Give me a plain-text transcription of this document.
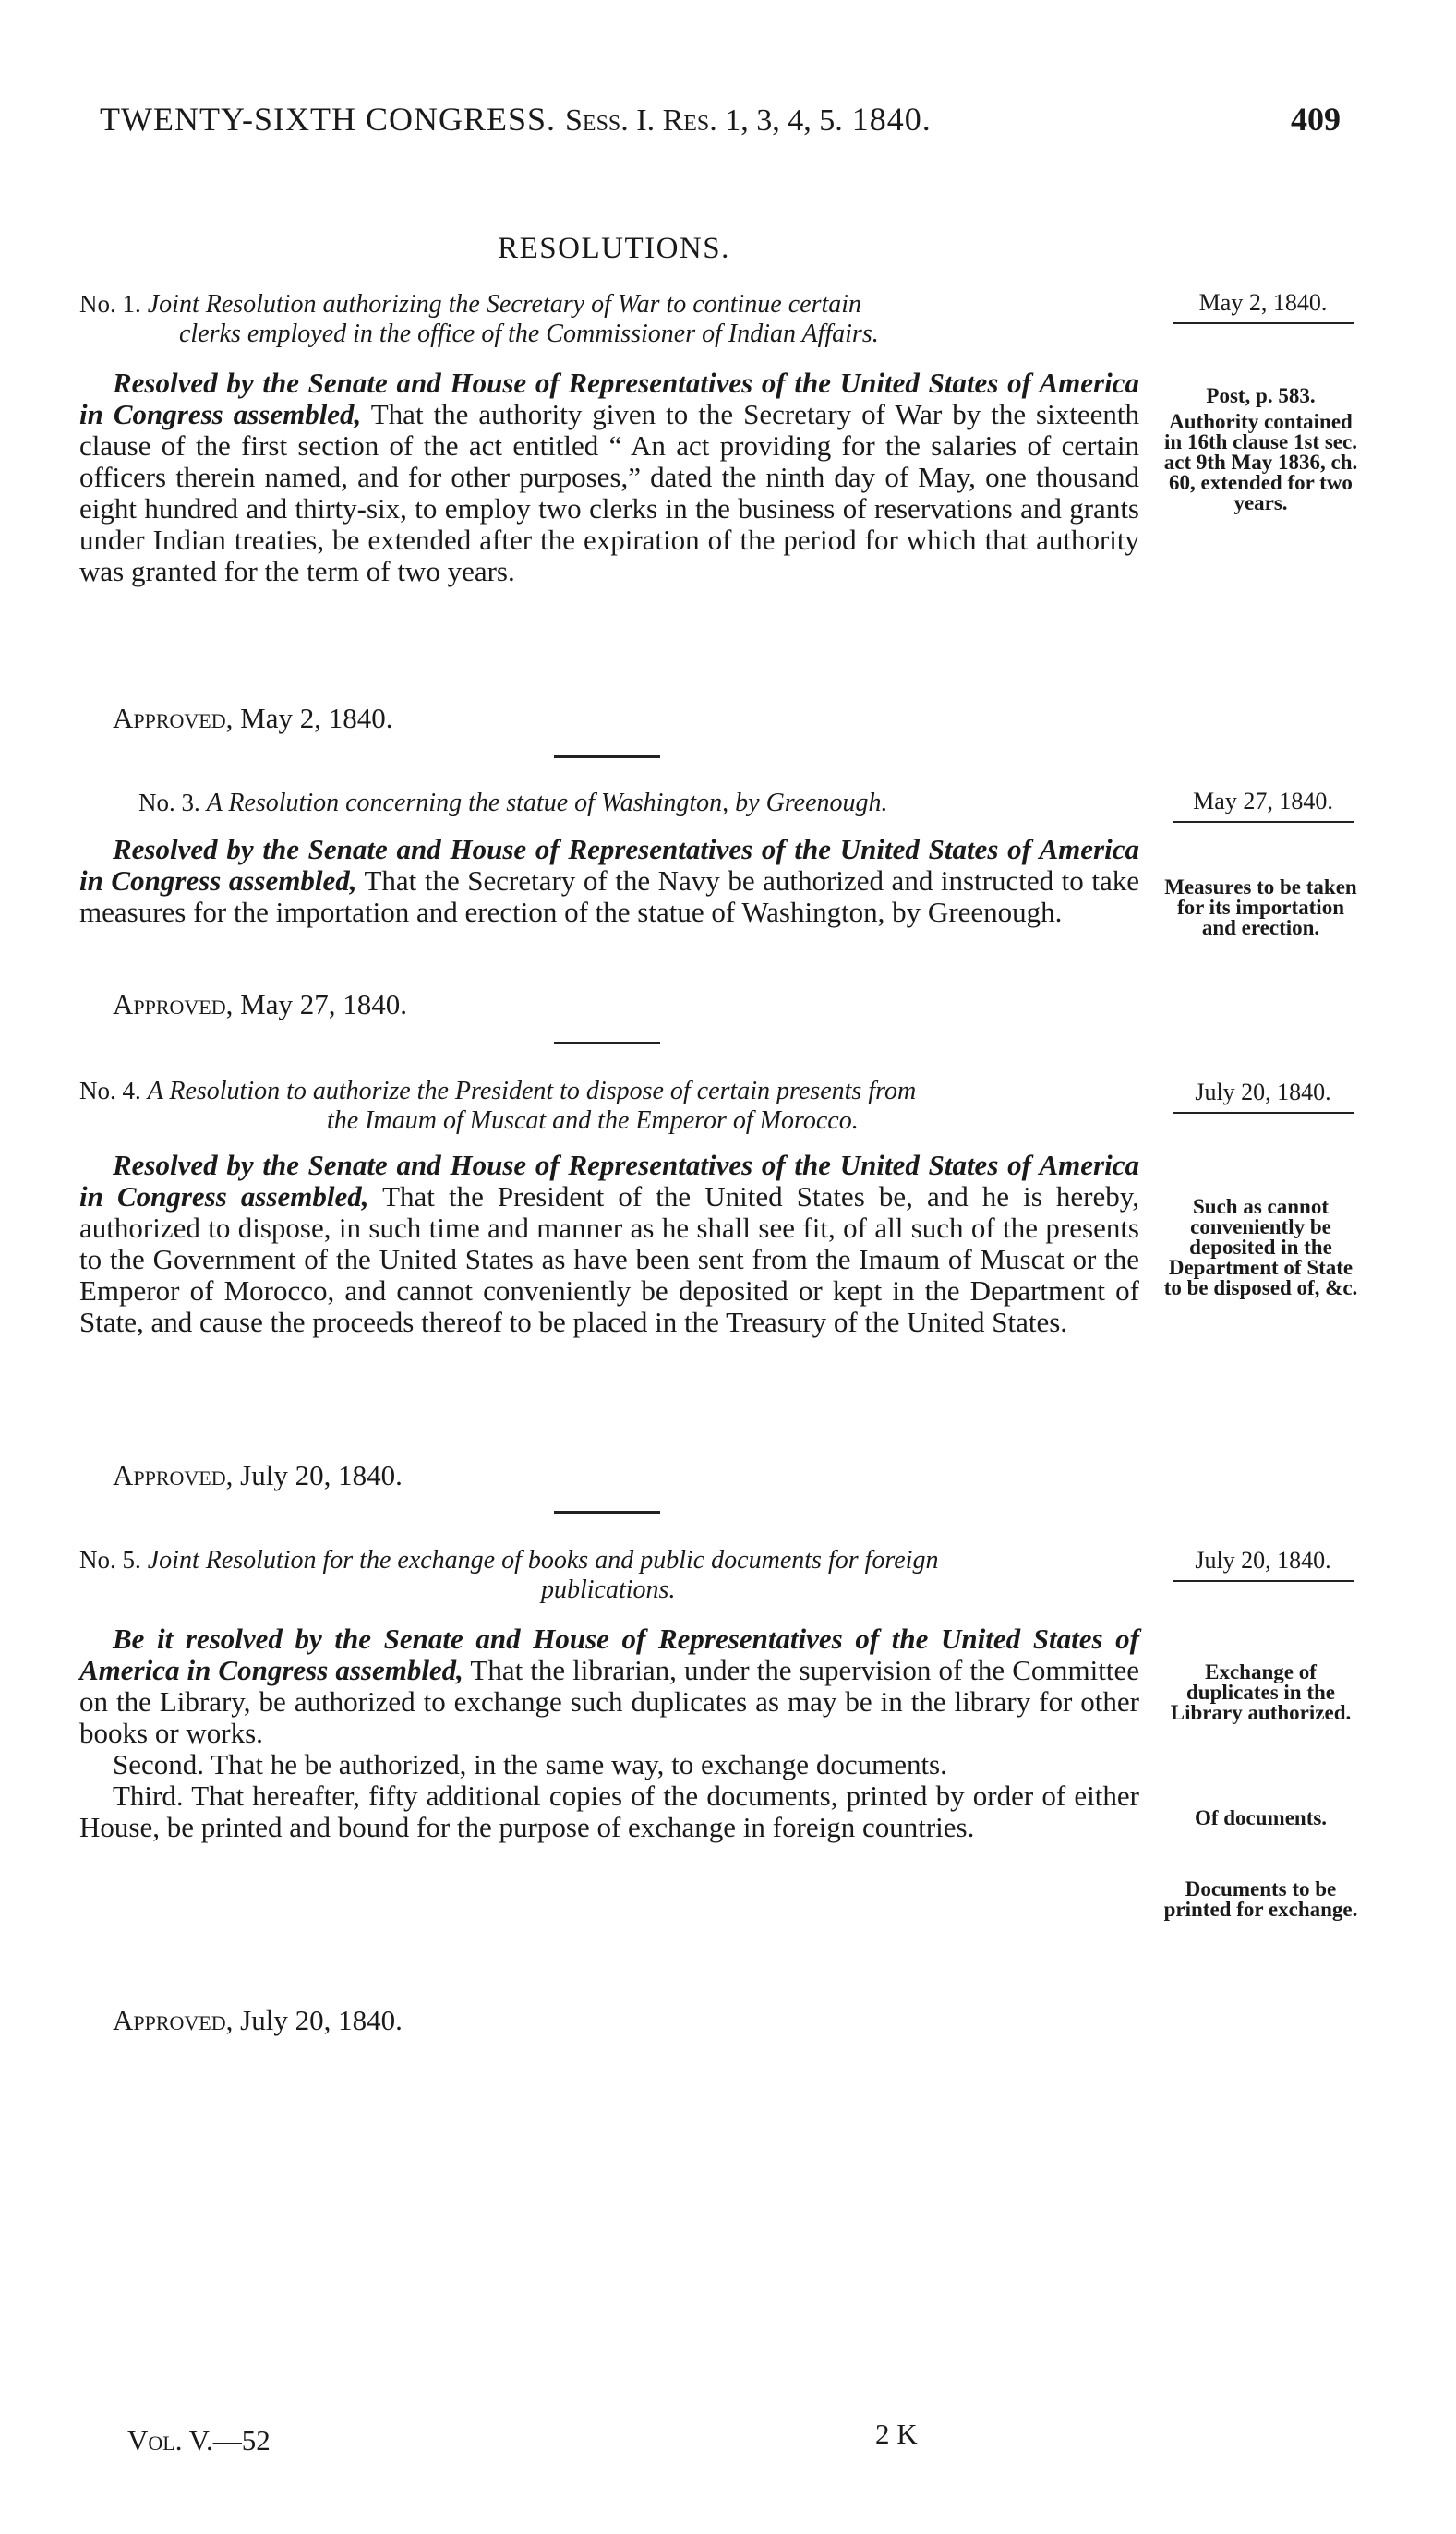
TWENTY-SIXTH CONGRESS. Sess. I. Res. 1, 3, 4, 5. 1840.	409
RESOLUTIONS.
No. 1. Joint Resolution authorizing the Secretary of War to continue certain
clerks employed in the office of the Commissioner of Indian Affairs.
May 2, 1840.

Resolved by the Senate and House of Representatives of the United States of America in Congress assembled, That the authority given to the Secretary of War by the sixteenth clause of the first section of the act entitled “ An act providing for the salaries of certain officers therein named, and for other purposes,” dated the ninth day of May, one thousand eight hundred and thirty-six, to employ two clerks in the business of reservations and grants under Indian treaties, be extended after the expiration of the period for which that authority was granted for the term of two years.

Approved, May 2, 1840.
Post, p. 583.
Authority contained in 16th clause 1st sec. act 9th May 1836, ch. 60, extended for two years.
No. 3. A Resolution concerning the statue of Washington, by Greenough.	May 27, 1840.

Resolved by the Senate and House of Representatives of the United States of America in Congress assembled, That the Secretary of the Navy be authorized and instructed to take measures for the importation and erection of the statue of Washington, by Greenough.

Approved, May 27, 1840.
Measures to be taken for its importation and erection.
No. 4. A Resolution to authorize the President to dispose of certain presents from
the Imaum of Muscat and the Emperor of Morocco.
July 20, 1840.

Resolved by the Senate and House of Representatives of the United States of America in Congress assembled, That the President of the United States be, and he is hereby, authorized to dispose, in such time and manner as he shall see fit, of all such of the presents to the Government of the United States as have been sent from the Imaum of Muscat or the Emperor of Morocco, and cannot conveniently be deposited or kept in the Department of State, and cause the proceeds thereof to be placed in the Treasury of the United States.

Approved, July 20, 1840.
Such as cannot conveniently be deposited in the Department of State to be disposed of, &c.
No. 5. Joint Resolution for the exchange of books and public documents for foreign
publications.
July 20, 1840.

Be it resolved by the Senate and House of Representatives of the United States of America in Congress assembled, That the librarian, under the supervision of the Committee on the Library, be authorized to exchange such duplicates as may be in the library for other books or works.

Second. That he be authorized, in the same way, to exchange documents.

Third. That hereafter, fifty additional copies of the documents, printed by order of either House, be printed and bound for the purpose of exchange in foreign countries.

Approved, July 20, 1840.
Exchange of duplicates in the Library authorized.
Of documents.
Documents to be printed for exchange.
Vol. V.—52	2 K
